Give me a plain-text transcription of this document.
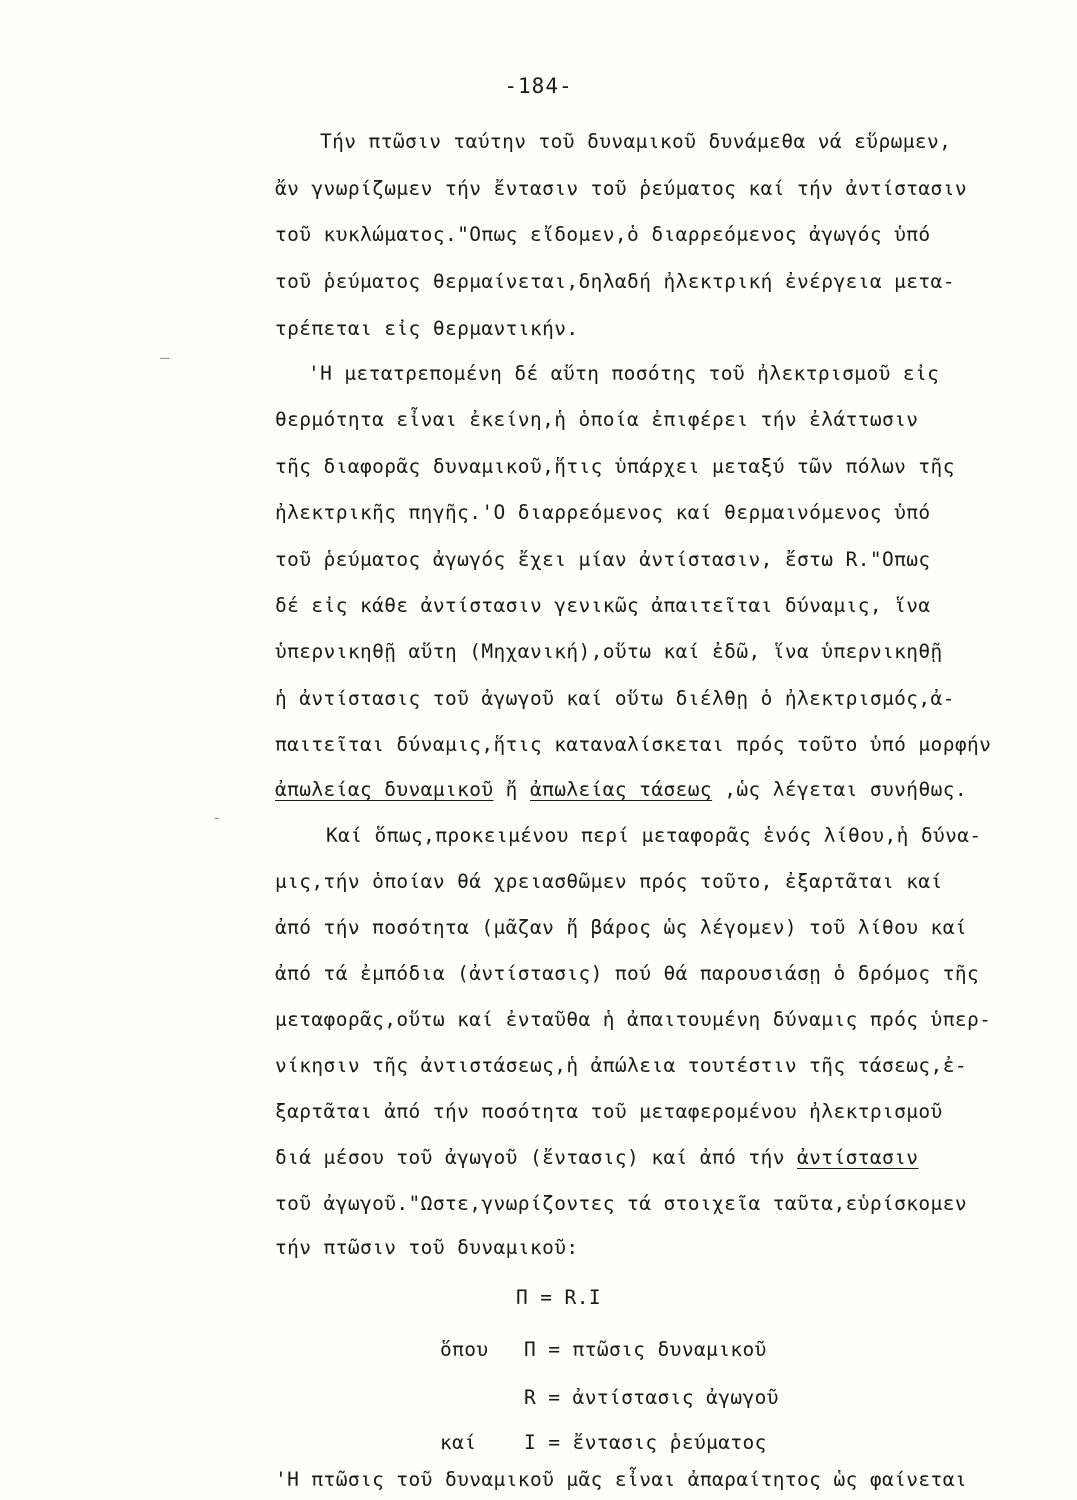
-
—
-184-
Τήν πτῶσιν ταύτην τοῦ δυναμικοῦ δυνάμεθα νά εὕρωμεν,
ἄν γνωρίζωμεν τήν ἔντασιν τοῦ ῥεύματος καί τήν ἀντίστασιν
τοῦ κυκλώματος."Οπως εἴδομεν,ὁ διαρρεόμενος ἀγωγός ὑπό
τοῦ ῥεύματος θερμαίνεται,δηλαδή ἠλεκτρική ἐνέργεια μετα-
τρέπεται εἰς θερμαντικήν.
'Η μετατρεπομένη δέ αὕτη ποσότης τοῦ ἠλεκτρισμοῦ εἰς
θερμότητα εἶναι ἐκείνη,ἡ ὁποία ἐπιφέρει τήν ἐλάττωσιν
τῆς διαφορᾶς δυναμικοῦ,ἥτις ὑπάρχει μεταξύ τῶν πόλων τῆς
ἠλεκτρικῆς πηγῆς.'Ο διαρρεόμενος καί θερμαινόμενος ὑπό
τοῦ ῥεύματος ἀγωγός ἔχει μίαν ἀντίστασιν, ἔστω R."Οπως
δέ εἰς κάθε ἀντίστασιν γενικῶς ἀπαιτεῖται δύναμις, ἵνα
ὑπερνικηθῇ αὕτη (Μηχανική),οὕτω καί ἐδῶ, ἵνα ὑπερνικηθῇ
ἡ ἀντίστασις τοῦ ἀγωγοῦ καί οὕτω διέλθῃ ὁ ἠλεκτρισμός,ἀ-
παιτεῖται δύναμις,ἥτις καταναλίσκεται πρός τοῦτο ὑπό μορφήν
ἀπωλείας δυναμικοῦ ἤ ἀπωλείας τάσεως ,ὡς λέγεται συνήθως.
Καί ὅπως,προκειμένου περί μεταφορᾶς ἑνός λίθου,ἡ δύνα-
μις,τήν ὁποίαν θά χρειασθῶμεν πρός τοῦτο, ἐξαρτᾶται καί
ἀπό τήν ποσότητα (μᾶζαν ἤ βάρος ὡς λέγομεν) τοῦ λίθου καί
ἀπό τά ἐμπόδια (ἀντίστασις) πού θά παρουσιάσῃ ὁ δρόμος τῆς
μεταφορᾶς,οὕτω καί ἐνταῦθα ἡ ἀπαιτουμένη δύναμις πρός ὑπερ-
νίκησιν τῆς ἀντιστάσεως,ἡ ἀπώλεια τουτέστιν τῆς τάσεως,ἐ-
ξαρτᾶται ἀπό τήν ποσότητα τοῦ μεταφερομένου ἠλεκτρισμοῦ
διά μέσου τοῦ ἀγωγοῦ (ἔντασις) καί ἀπό τήν ἀντίστασιν
τοῦ ἀγωγοῦ."Ωστε,γνωρίζοντες τά στοιχεῖα ταῦτα,εὑρίσκομεν
τήν πτῶσιν τοῦ δυναμικοῦ:
Π = R.I
ὅπου Π = πτῶσις δυναμικοῦ
R = ἀντίστασις ἀγωγοῦ
καί I = ἔντασις ῥεύματος
'Η πτῶσις τοῦ δυναμικοῦ μᾶς εἶναι ἀπαραίτητος ὡς φαίνεται
